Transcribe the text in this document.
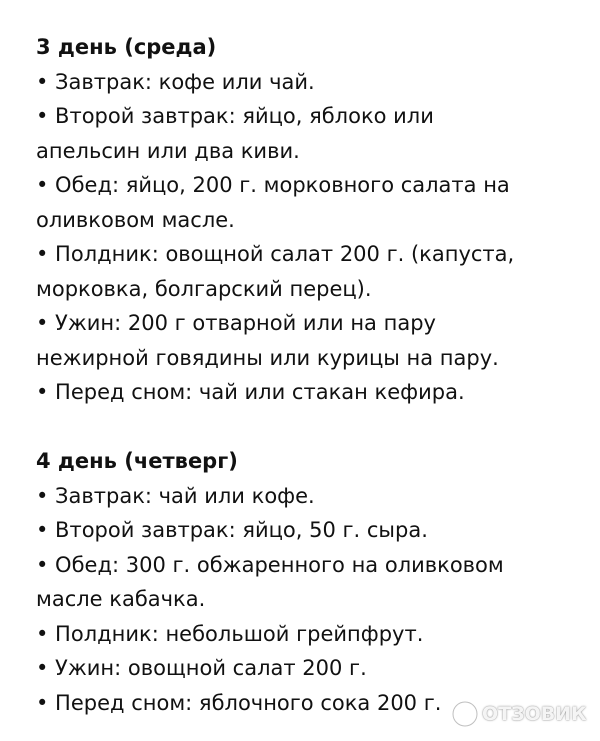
3 день (среда)

• Завтрак: кофе или чай.

• Второй завтрак: яйцо, яблоко или

апельсин или два киви.

• Обед: яйцо, 200 г. морковного салата на

оливковом масле.

• Полдник: овощной салат 200 г. (капуста,

морковка, болгарский перец).

• Ужин: 200 г отварной или на пару

нежирной говядины или курицы на пару.

• Перед сном: чай или стакан кефира.

4 день (четверг)

• Завтрак: чай или кофе.

• Второй завтрак: яйцо, 50 г. сыра.

• Обед: 300 г. обжаренного на оливковом

масле кабачка.

• Полдник: небольшой грейпфрут.

• Ужин: овощной салат 200 г.

• Перед сном: яблочного сока 200 г.	ОТЗОВИК
